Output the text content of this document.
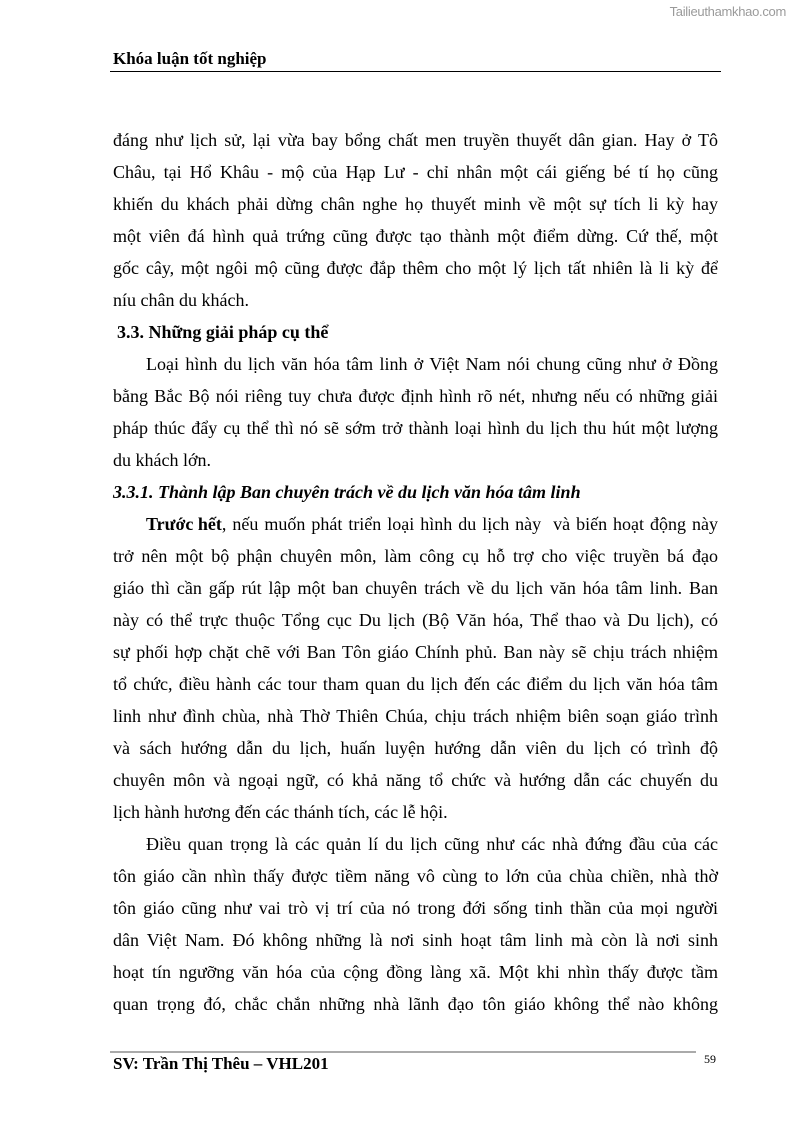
Tailieuthamkhao.com
Khóa luận tốt nghiệp
đáng như lịch sử, lại vừa bay bổng chất men truyền thuyết dân gian. Hay ở Tô
Châu, tại Hổ Khâu - mộ của Hạp Lư - chỉ nhân một cái giếng bé tí họ cũng
khiến du khách phải dừng chân nghe họ thuyết minh về một sự tích li kỳ hay
một viên đá hình quả trứng cũng được tạo thành một điểm dừng. Cứ thế, một
gốc cây, một ngôi mộ cũng được đắp thêm cho một lý lịch tất nhiên là li kỳ để
níu chân du khách.
3.3. Những giải pháp cụ thể
Loại hình du lịch văn hóa tâm linh ở Việt Nam nói chung cũng như ở Đồng
bằng Bắc Bộ nói riêng tuy chưa được định hình rõ nét, nhưng nếu có những giải
pháp thúc đẩy cụ thể thì nó sẽ sớm trở thành loại hình du lịch thu hút một lượng
du khách lớn.
3.3.1. Thành lập Ban chuyên trách về du lịch văn hóa tâm linh
Trước hết , nếu muốn phát triển loại hình du lịch này  và biến hoạt động này
trở nên một bộ phận chuyên môn, làm công cụ hỗ trợ cho việc truyền bá đạo
giáo thì cần gấp rút lập một ban chuyên trách về du lịch văn hóa tâm linh. Ban
này có thể trực thuộc Tổng cục Du lịch (Bộ Văn hóa, Thể thao và Du lịch), có
sự phối hợp chặt chẽ với Ban Tôn giáo Chính phủ. Ban này sẽ chịu trách nhiệm
tổ chức, điều hành các tour tham quan du lịch đến các điểm du lịch văn hóa tâm
linh như đình chùa, nhà Thờ Thiên Chúa, chịu trách nhiệm biên soạn giáo trình
và sách hướng dẫn du lịch, huấn luyện hướng dẫn viên du lịch có trình độ
chuyên môn và ngoại ngữ, có khả năng tổ chức và hướng dẫn các chuyến du
lịch hành hương đến các thánh tích, các lễ hội.
Điều quan trọng là các quản lí du lịch cũng như các nhà đứng đầu của các
tôn giáo cần nhìn thấy được tiềm năng vô cùng to lớn của chùa chiền, nhà thờ
tôn giáo cũng như vai trò vị trí của nó trong đới sống tinh thần của mọi người
dân Việt Nam. Đó không những là nơi sinh hoạt tâm linh mà còn là nơi sinh
hoạt tín ngưỡng văn hóa của cộng đồng làng xã. Một khi nhìn thấy được tầm
quan trọng đó, chắc chắn những nhà lãnh đạo tôn giáo không thể nào không
SV: Trần Thị Thêu – VHL201	59
